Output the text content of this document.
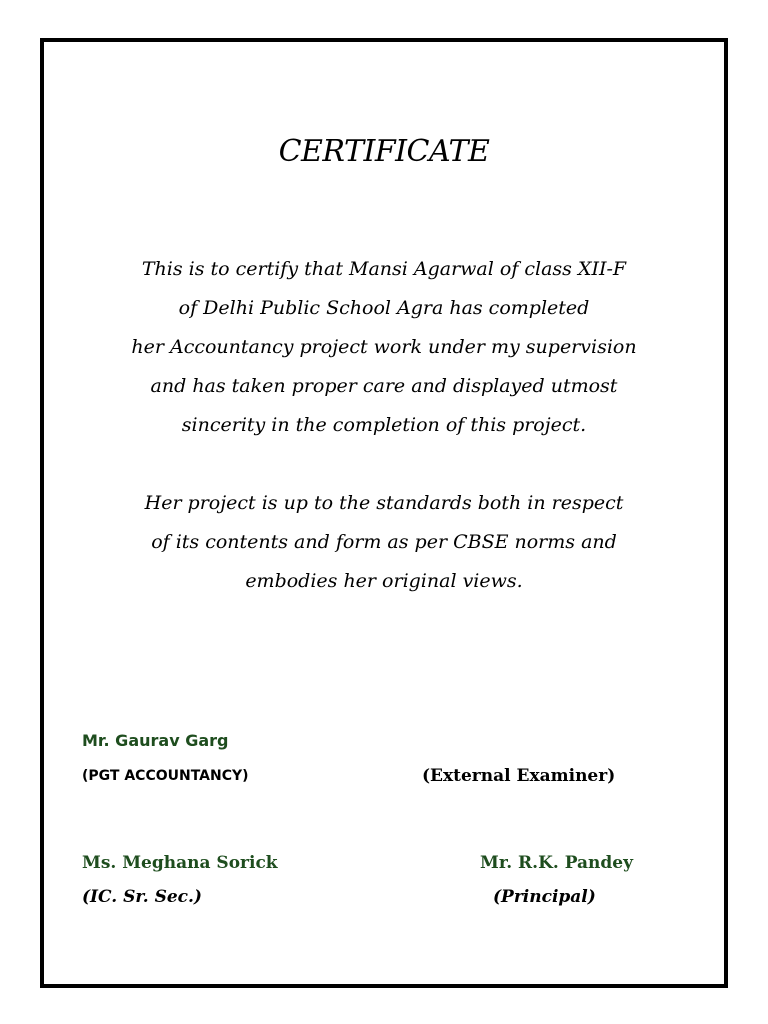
CERTIFICATE
This is to certify that Mansi Agarwal of class XII-F
of Delhi Public School Agra has completed
her Accountancy project work under my supervision
and has taken proper care and displayed utmost
sincerity in the completion of this project.
Her project is up to the standards both in respect
of its contents and form as per CBSE norms and
embodies her original views.
Mr. Gaurav Garg
(PGT ACCOUNTANCY)	(External Examiner)
Ms. Meghana Sorick
(IC. Sr. Sec.)
Mr. R.K. Pandey
(Principal)
